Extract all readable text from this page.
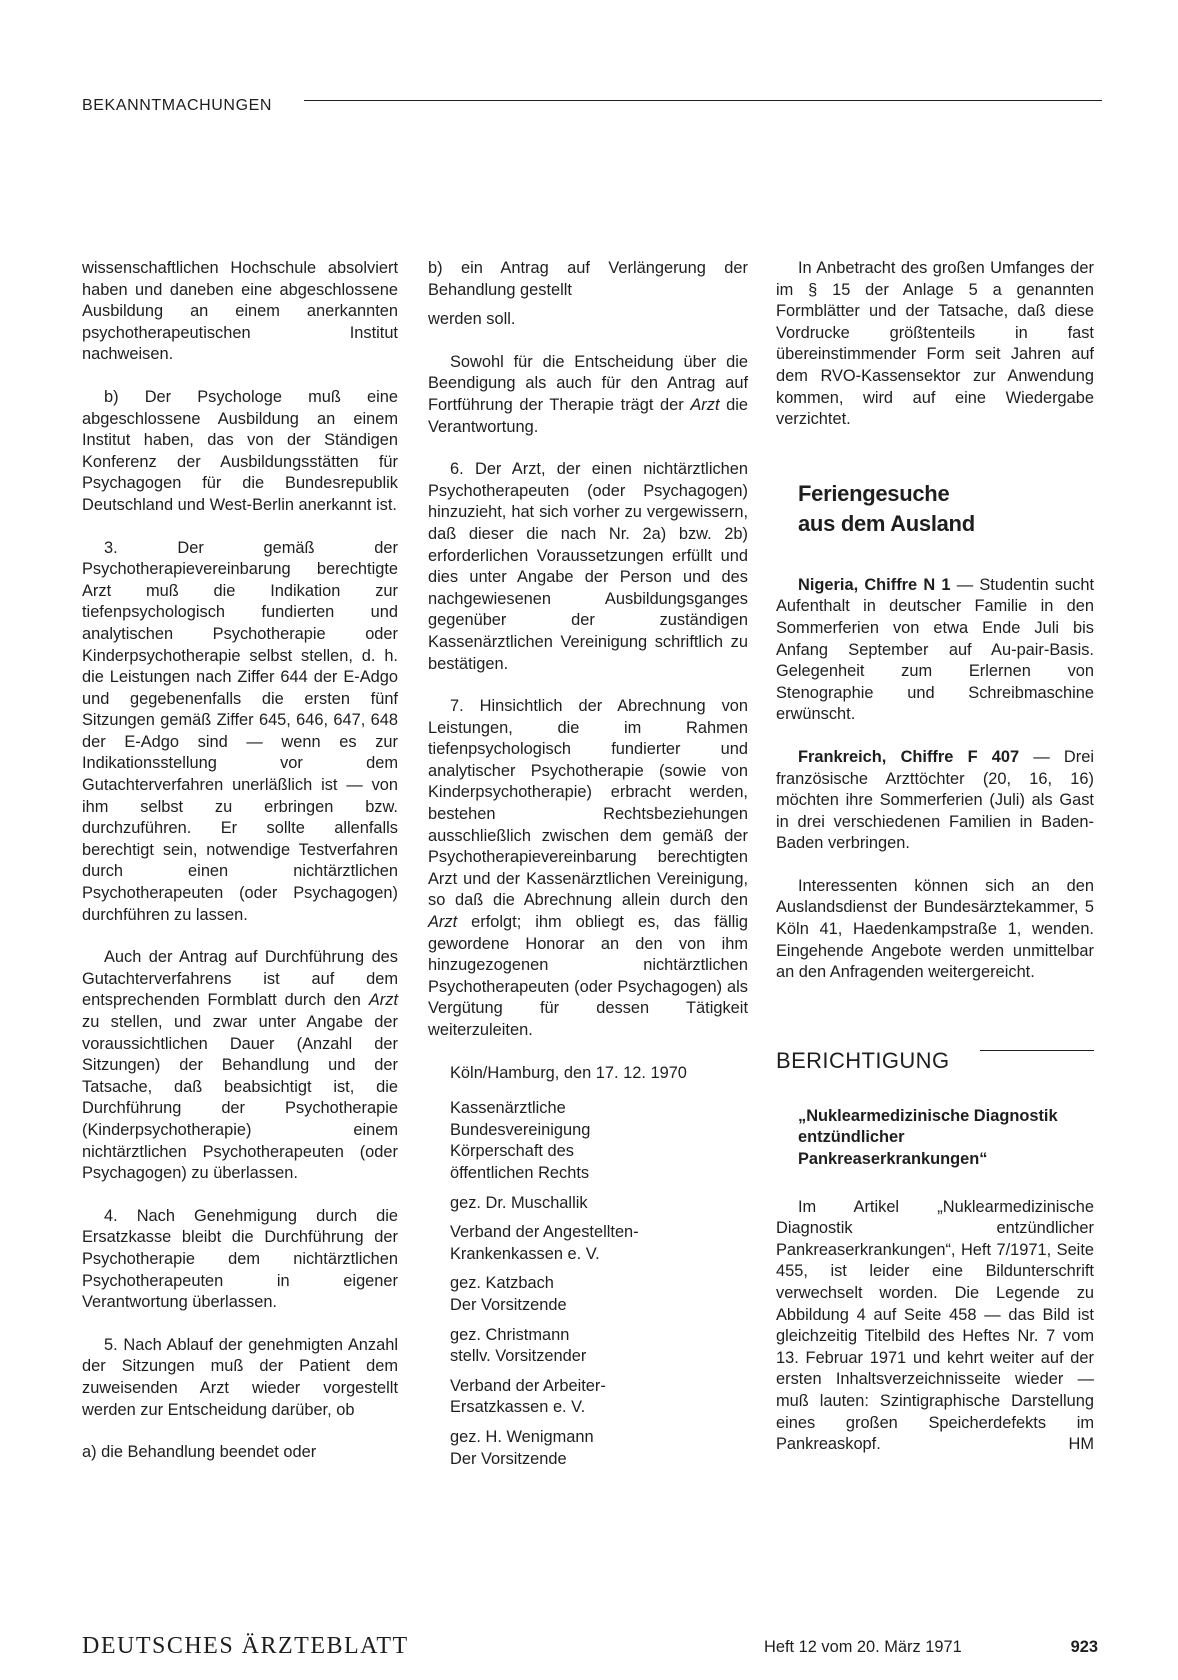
BEKANNTMACHUNGEN

wissenschaftlichen Hochschule absolviert haben und daneben eine abgeschlossene Ausbildung an einem anerkannten psychotherapeutischen Institut nachweisen.

b) Der Psychologe muß eine abgeschlossene Ausbildung an einem Institut haben, das von der Ständigen Konferenz der Ausbildungsstätten für Psychagogen für die Bundesrepublik Deutschland und West-Berlin anerkannt ist.

3. Der gemäß der Psychotherapievereinbarung berechtigte Arzt muß die Indikation zur tiefenpsychologisch fundierten und analytischen Psychotherapie oder Kinderpsychotherapie selbst stellen, d. h. die Leistungen nach Ziffer 644 der E-Adgo und gegebenenfalls die ersten fünf Sitzungen gemäß Ziffer 645, 646, 647, 648 der E-Adgo sind — wenn es zur Indikationsstellung vor dem Gutachterverfahren unerläßlich ist — von ihm selbst zu erbringen bzw. durchzuführen. Er sollte allenfalls berechtigt sein, notwendige Testverfahren durch einen nichtärztlichen Psychotherapeuten (oder Psychagogen) durchführen zu lassen.

Auch der Antrag auf Durchführung des Gutachterverfahrens ist auf dem entsprechenden Formblatt durch den Arzt zu stellen, und zwar unter Angabe der voraussichtlichen Dauer (Anzahl der Sitzungen) der Behandlung und der Tatsache, daß beabsichtigt ist, die Durchführung der Psychotherapie (Kinderpsychotherapie) einem nichtärztlichen Psychotherapeuten (oder Psychagogen) zu überlassen.

4. Nach Genehmigung durch die Ersatzkasse bleibt die Durchführung der Psychotherapie dem nichtärztlichen Psychotherapeuten in eigener Verantwortung überlassen.

5. Nach Ablauf der genehmigten Anzahl der Sitzungen muß der Patient dem zuweisenden Arzt wieder vorgestellt werden zur Entscheidung darüber, ob

a) die Behandlung beendet oder

b) ein Antrag auf Verlängerung der Behandlung gestellt

werden soll.

Sowohl für die Entscheidung über die Beendigung als auch für den Antrag auf Fortführung der Therapie trägt der Arzt die Verantwortung.

6. Der Arzt, der einen nichtärztlichen Psychotherapeuten (oder Psychagogen) hinzuzieht, hat sich vorher zu vergewissern, daß dieser die nach Nr. 2a) bzw. 2b) erforderlichen Voraussetzungen erfüllt und dies unter Angabe der Person und des nachgewiesenen Ausbildungsganges gegenüber der zuständigen Kassenärztlichen Vereinigung schriftlich zu bestätigen.

7. Hinsichtlich der Abrechnung von Leistungen, die im Rahmen tiefenpsychologisch fundierter und analytischer Psychotherapie (sowie von Kinderpsychotherapie) erbracht werden, bestehen Rechtsbeziehungen ausschließlich zwischen dem gemäß der Psychotherapievereinbarung berechtigten Arzt und der Kassenärztlichen Vereinigung, so daß die Abrechnung allein durch den Arzt erfolgt; ihm obliegt es, das fällig gewordene Honorar an den von ihm hinzugezogenen nichtärztlichen Psychotherapeuten (oder Psychagogen) als Vergütung für dessen Tätigkeit weiterzuleiten.

Köln/Hamburg, den 17. 12. 1970

Kassenärztliche
Bundesvereinigung
Körperschaft des
öffentlichen Rechts

gez. Dr. Muschallik

Verband der Angestellten-
Krankenkassen e. V.

gez. Katzbach
Der Vorsitzende

gez. Christmann
stellv. Vorsitzender

Verband der Arbeiter-
Ersatzkassen e. V.

gez. H. Wenigmann
Der Vorsitzende

In Anbetracht des großen Umfanges der im § 15 der Anlage 5 a genannten Formblätter und der Tatsache, daß diese Vordrucke größtenteils in fast übereinstimmender Form seit Jahren auf dem RVO-Kassensektor zur Anwendung kommen, wird auf eine Wiedergabe verzichtet.

Feriengesuche
aus dem Ausland

Nigeria, Chiffre N 1 — Studentin sucht Aufenthalt in deutscher Familie in den Sommerferien von etwa Ende Juli bis Anfang September auf Au-pair-Basis. Gelegenheit zum Erlernen von Stenographie und Schreibmaschine erwünscht.

Frankreich, Chiffre F 407 — Drei französische Arzttöchter (20, 16, 16) möchten ihre Sommerferien (Juli) als Gast in drei verschiedenen Familien in Baden-Baden verbringen.

Interessenten können sich an den Auslandsdienst der Bundesärztekammer, 5 Köln 41, Haedenkampstraße 1, wenden. Eingehende Angebote werden unmittelbar an den Anfragenden weitergereicht.

BERICHTIGUNG
„Nuklearmedizinische Diagnostik
entzündlicher
Pankreaserkrankungen“

Im Artikel „Nuklearmedizinische Diagnostik entzündlicher Pankreaserkrankungen“, Heft 7/1971, Seite 455, ist leider eine Bildunterschrift verwechselt worden. Die Legende zu Abbildung 4 auf Seite 458 — das Bild ist gleichzeitig Titelbild des Heftes Nr. 7 vom 13. Februar 1971 und kehrt weiter auf der ersten Inhaltsverzeichnisseite wieder — muß lauten: Szintigraphische Darstellung eines großen Speicherdefekts im Pankreaskopf.	HM

DEUTSCHES ÄRZTEBLATT	Heft 12 vom 20. März 1971	923
